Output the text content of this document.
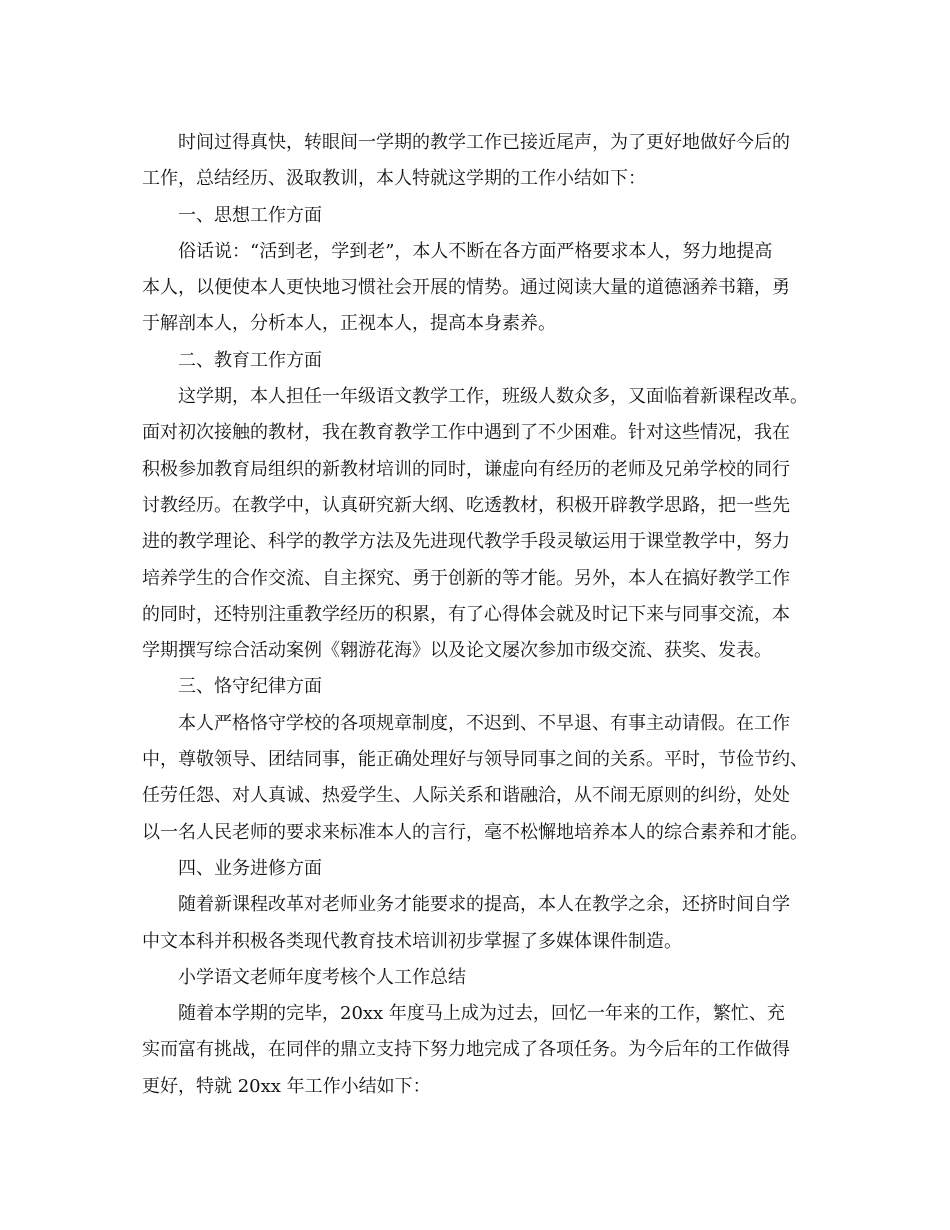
时间过得真快，转眼间一学期的教学工作已接近尾声，为了更好地做好今后的
工作，总结经历、汲取教训，本人特就这学期的工作小结如下：
一、思想工作方面
俗话说：“活到老，学到老”，本人不断在各方面严格要求本人，努力地提高
本人，以便使本人更快地习惯社会开展的情势。通过阅读大量的道德涵养书籍，勇
于解剖本人，分析本人，正视本人，提高本身素养。
二、教育工作方面
这学期，本人担任一年级语文教学工作，班级人数众多，又面临着新课程改革。
面对初次接触的教材，我在教育教学工作中遇到了不少困难。针对这些情况，我在
积极参加教育局组织的新教材培训的同时，谦虚向有经历的老师及兄弟学校的同行
讨教经历。在教学中，认真研究新大纲、吃透教材，积极开辟教学思路，把一些先
进的教学理论、科学的教学方法及先进现代教学手段灵敏运用于课堂教学中，努力
培养学生的合作交流、自主探究、勇于创新的等才能。另外，本人在搞好教学工作
的同时，还特别注重教学经历的积累，有了心得体会就及时记下来与同事交流，本
学期撰写综合活动案例《翱游花海》以及论文屡次参加市级交流、获奖、发表。
三、恪守纪律方面
本人严格恪守学校的各项规章制度，不迟到、不早退、有事主动请假。在工作
中，尊敬领导、团结同事，能正确处理好与领导同事之间的关系。平时，节俭节约、
任劳任怨、对人真诚、热爱学生、人际关系和谐融洽，从不闹无原则的纠纷，处处
以一名人民老师的要求来标准本人的言行，毫不松懈地培养本人的综合素养和才能。
四、业务进修方面
随着新课程改革对老师业务才能要求的提高，本人在教学之余，还挤时间自学
中文本科并积极各类现代教育技术培训初步掌握了多媒体课件制造。
小学语文老师年度考核个人工作总结
随着本学期的完毕，20xx 年度马上成为过去，回忆一年来的工作，繁忙、充
实而富有挑战，在同伴的鼎立支持下努力地完成了各项任务。为今后年的工作做得
更好，特就 20xx 年工作小结如下：
